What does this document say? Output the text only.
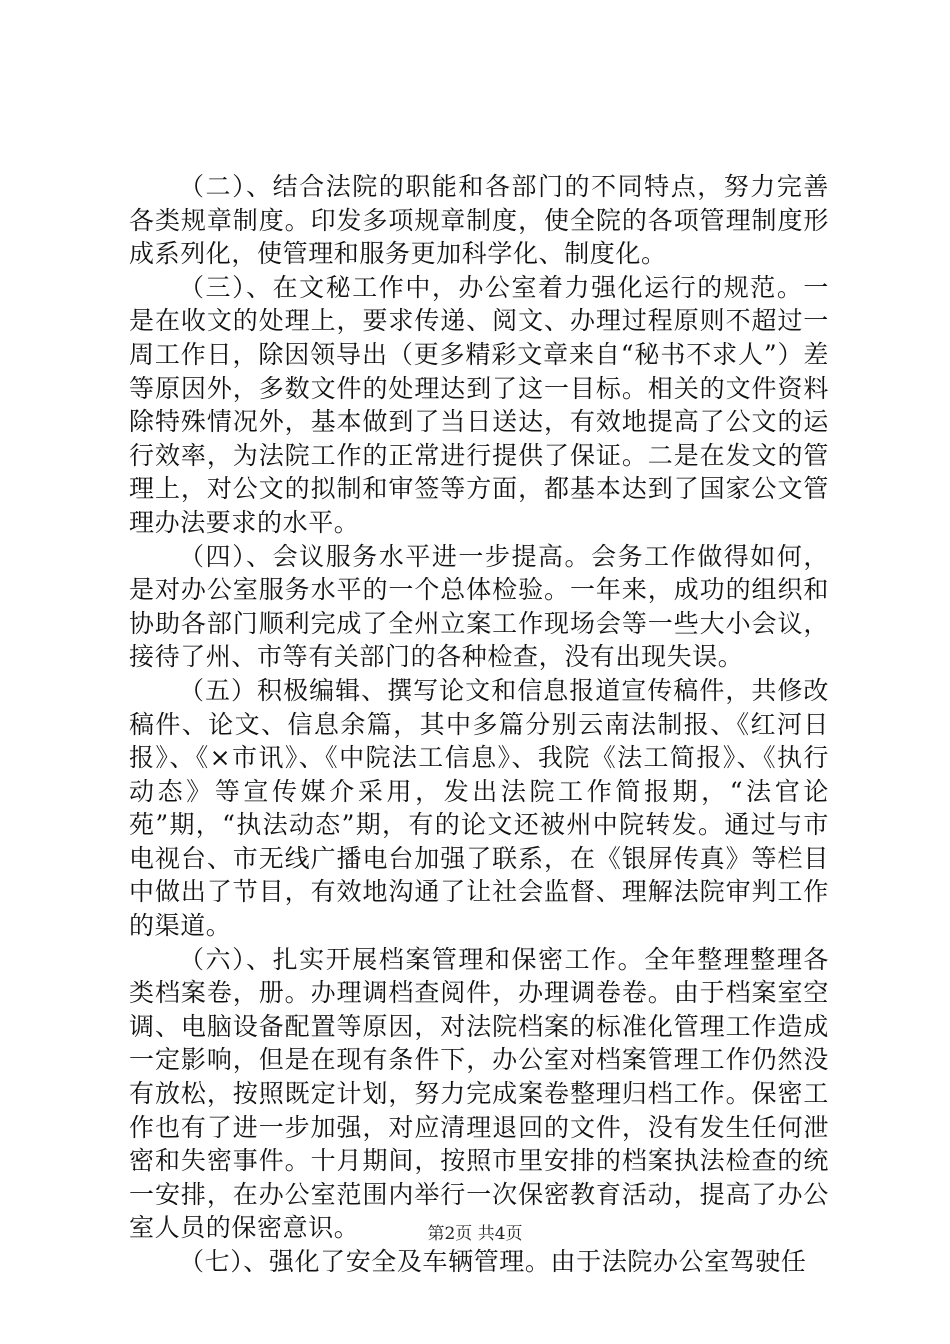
（二）、结合法院的职能和各部门的不同特点，努力完善各类规章制度。印发多项规章制度，使全院的各项管理制度形成系列化，使管理和服务更加科学化、制度化。

（三）、在文秘工作中，办公室着力强化运行的规范。一是在收文的处理上，要求传递、阅文、办理过程原则不超过一周工作日，除因领导出（更多精彩文章来自“秘书不求人”）差等原因外，多数文件的处理达到了这一目标。相关的文件资料除特殊情况外，基本做到了当日送达，有效地提高了公文的运行效率，为法院工作的正常进行提供了保证。二是在发文的管理上，对公文的拟制和审签等方面，都基本达到了国家公文管理办法要求的水平。

（四）、会议服务水平进一步提高。会务工作做得如何，是对办公室服务水平的一个总体检验。一年来，成功的组织和协助各部门顺利完成了全州立案工作现场会等一些大小会议，接待了州、市等有关部门的各种检查，没有出现失误。

（五）积极编辑、撰写论文和信息报道宣传稿件，共修改稿件、论文、信息余篇，其中多篇分别云南法制报、《红河日报》、《×市讯》、《中院法工信息》、我院《法工简报》、《执行动态》等宣传媒介采用，发出法院工作简报期，“法官论苑”期，“执法动态”期，有的论文还被州中院转发。通过与市电视台、市无线广播电台加强了联系，在《银屏传真》等栏目中做出了节目，有效地沟通了让社会监督、理解法院审判工作的渠道。

（六）、扎实开展档案管理和保密工作。全年整理整理各类档案卷，册。办理调档查阅件，办理调卷卷。由于档案室空调、电脑设备配置等原因，对法院档案的标准化管理工作造成一定影响，但是在现有条件下，办公室对档案管理工作仍然没有放松，按照既定计划，努力完成案卷整理归档工作。保密工作也有了进一步加强，对应清理退回的文件，没有发生任何泄密和失密事件。十月期间，按照市里安排的档案执法检查的统一安排，在办公室范围内举行一次保密教育活动，提高了办公室人员的保密意识。

（七）、强化了安全及车辆管理。由于法院办公室驾驶任

第2页 共4页
